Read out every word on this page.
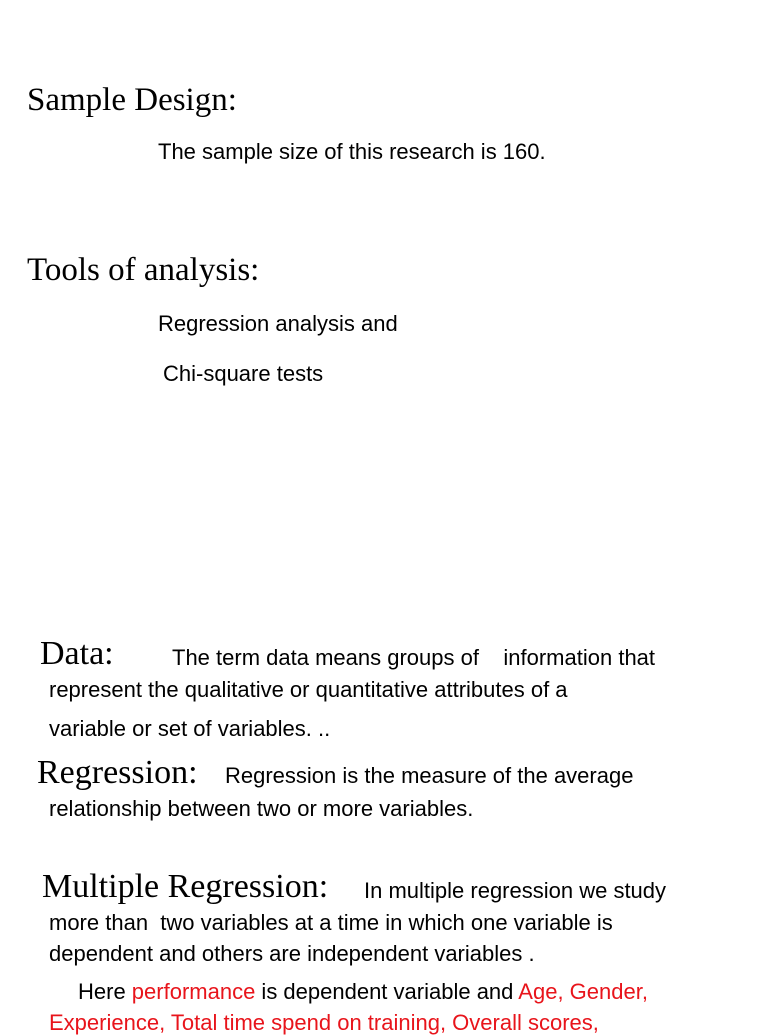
Sample Design:
The sample size of this research is 160.
Tools of analysis:
Regression analysis and
Chi-square tests
Data:	The term data means groups of    information that
represent the qualitative or quantitative attributes of a
variable or set of variables. ..
Regression: Regression is the measure of the average
relationship between two or more variables.
Multiple Regression: In multiple regression we study
more than  two variables at a time in which one variable is
dependent and others are independent variables .
Here performance is dependent variable and Age, Gender,
Experience, Total time spend on training, Overall scores,
